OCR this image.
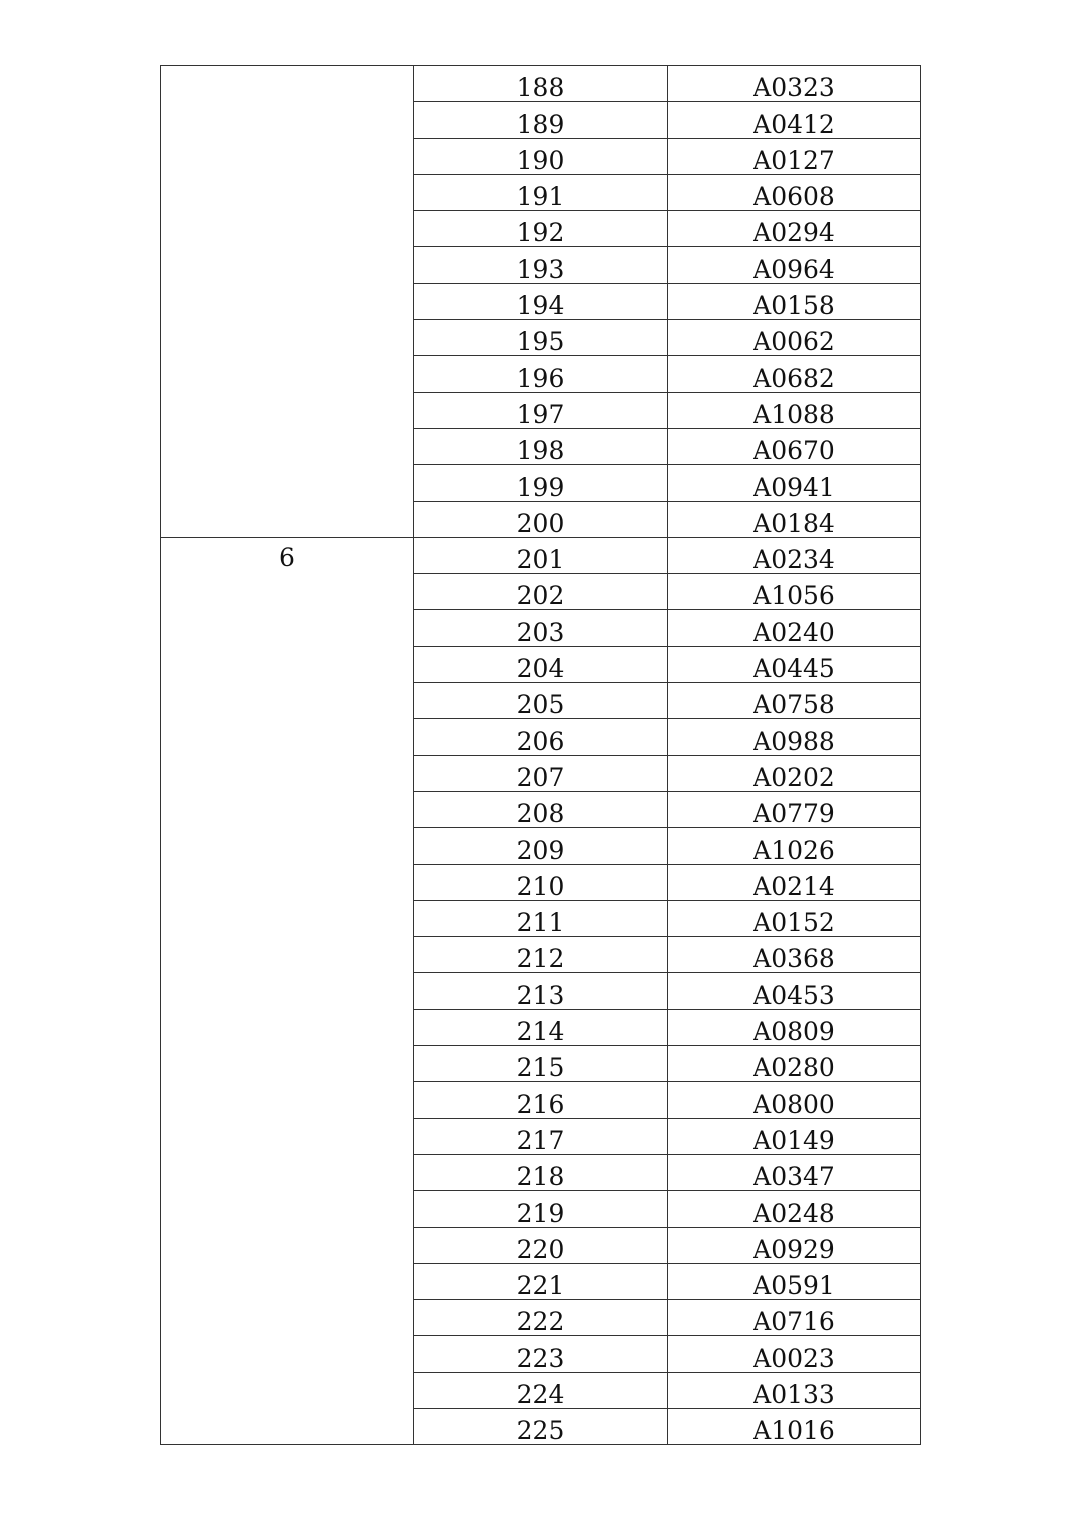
	188	A0323
	189	A0412
	190	A0127
	191	A0608
	192	A0294
	193	A0964
	194	A0158
	195	A0062
	196	A0682
	197	A1088
	198	A0670
	199	A0941
	200	A0184
6	201	A0234
	202	A1056
	203	A0240
	204	A0445
	205	A0758
	206	A0988
	207	A0202
	208	A0779
	209	A1026
	210	A0214
	211	A0152
	212	A0368
	213	A0453
	214	A0809
	215	A0280
	216	A0800
	217	A0149
	218	A0347
	219	A0248
	220	A0929
	221	A0591
	222	A0716
	223	A0023
	224	A0133
	225	A1016
